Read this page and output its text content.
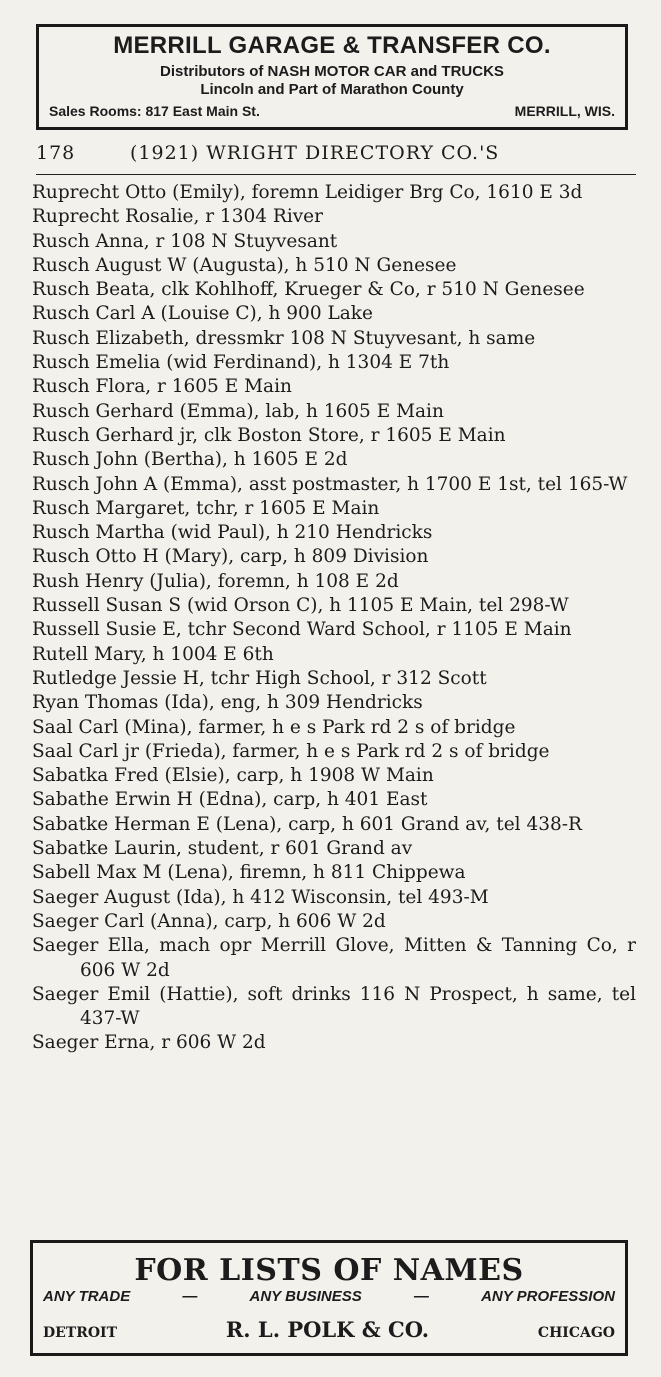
MERRILL GARAGE & TRANSFER CO.
Distributors of NASH MOTOR CAR and TRUCKS
Lincoln and Part of Marathon County
Sales Rooms: 817 East Main St.	MERRILL, WIS.
178	(1921) WRIGHT DIRECTORY CO.'S
Ruprecht Otto (Emily), foremn Leidiger Brg Co, 1610 E 3d
Ruprecht Rosalie, r 1304 River
Rusch Anna, r 108 N Stuyvesant
Rusch August W (Augusta), h 510 N Genesee
Rusch Beata, clk Kohlhoff, Krueger & Co, r 510 N Genesee
Rusch Carl A (Louise C), h 900 Lake
Rusch Elizabeth, dressmkr 108 N Stuyvesant, h same
Rusch Emelia (wid Ferdinand), h 1304 E 7th
Rusch Flora, r 1605 E Main
Rusch Gerhard (Emma), lab, h 1605 E Main
Rusch Gerhard jr, clk Boston Store, r 1605 E Main
Rusch John (Bertha), h 1605 E 2d
Rusch John A (Emma), asst postmaster, h 1700 E 1st, tel 165-W
Rusch Margaret, tchr, r 1605 E Main
Rusch Martha (wid Paul), h 210 Hendricks
Rusch Otto H (Mary), carp, h 809 Division
Rush Henry (Julia), foremn, h 108 E 2d
Russell Susan S (wid Orson C), h 1105 E Main, tel 298-W
Russell Susie E, tchr Second Ward School, r 1105 E Main
Rutell Mary, h 1004 E 6th
Rutledge Jessie H, tchr High School, r 312 Scott
Ryan Thomas (Ida), eng, h 309 Hendricks
Saal Carl (Mina), farmer, h e s Park rd 2 s of bridge
Saal Carl jr (Frieda), farmer, h e s Park rd 2 s of bridge
Sabatka Fred (Elsie), carp, h 1908 W Main
Sabathe Erwin H (Edna), carp, h 401 East
Sabatke Herman E (Lena), carp, h 601 Grand av, tel 438-R
Sabatke Laurin, student, r 601 Grand av
Sabell Max M (Lena), firemn, h 811 Chippewa
Saeger August (Ida), h 412 Wisconsin, tel 493-M
Saeger Carl (Anna), carp, h 606 W 2d
Saeger Ella, mach opr Merrill Glove, Mitten & Tanning Co, r 606 W 2d
Saeger Emil (Hattie), soft drinks 116 N Prospect, h same, tel 437-W
Saeger Erna, r 606 W 2d
FOR LISTS OF NAMES
ANY TRADE	—	ANY BUSINESS	—	ANY PROFESSION
DETROIT	R. L. POLK & CO.	CHICAGO
